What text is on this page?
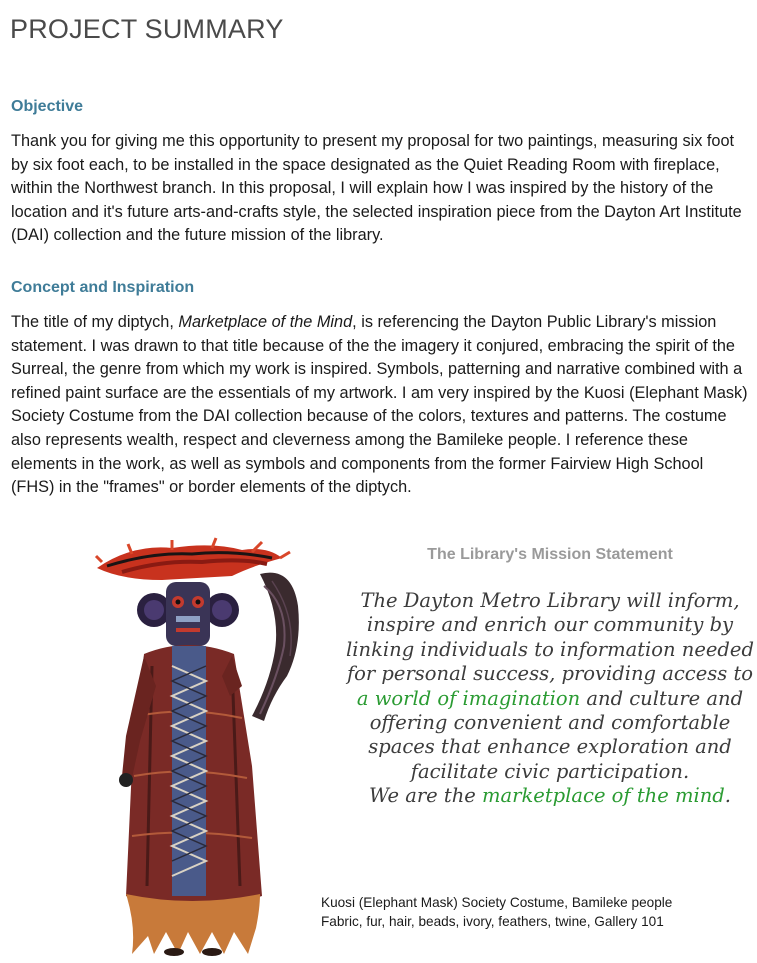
PROJECT SUMMARY
Objective

Thank you for giving me this opportunity to present my proposal for two paintings, measuring six foot by six foot each, to be installed in the space designated as the Quiet Reading Room with fireplace, within the Northwest branch. In this proposal, I will explain how I was inspired by the history of the location and it's future arts-and-crafts style, the selected inspiration piece from the Dayton Art Institute (DAI) collection and the future mission of the library.

Concept and Inspiration

The title of my diptych, Marketplace of the Mind, is referencing the Dayton Public Library's mission statement. I was drawn to that title because of the the imagery it conjured, embracing the spirit of the Surreal, the genre from which my work is inspired. Symbols, patterning and narrative combined with a refined paint surface are the essentials of my artwork. I am very inspired by the Kuosi (Elephant Mask) Society Costume from the DAI collection because of the colors, textures and patterns. The costume also represents wealth, respect and cleverness among the Bamileke people. I reference these elements in the work, as well as symbols and components from the former Fairview High School (FHS) in the "frames" or border elements of the diptych.

The Library's Mission Statement

The Dayton Metro Library will inform, inspire and enrich our community by linking individuals to information needed for personal success, providing access to a world of imagination and culture and offering convenient and comfortable spaces that enhance exploration and facilitate civic participation.
We are the marketplace of the mind.

Kuosi (Elephant Mask) Society Costume, Bamileke people
Fabric, fur, hair, beads, ivory, feathers, twine, Gallery 101
